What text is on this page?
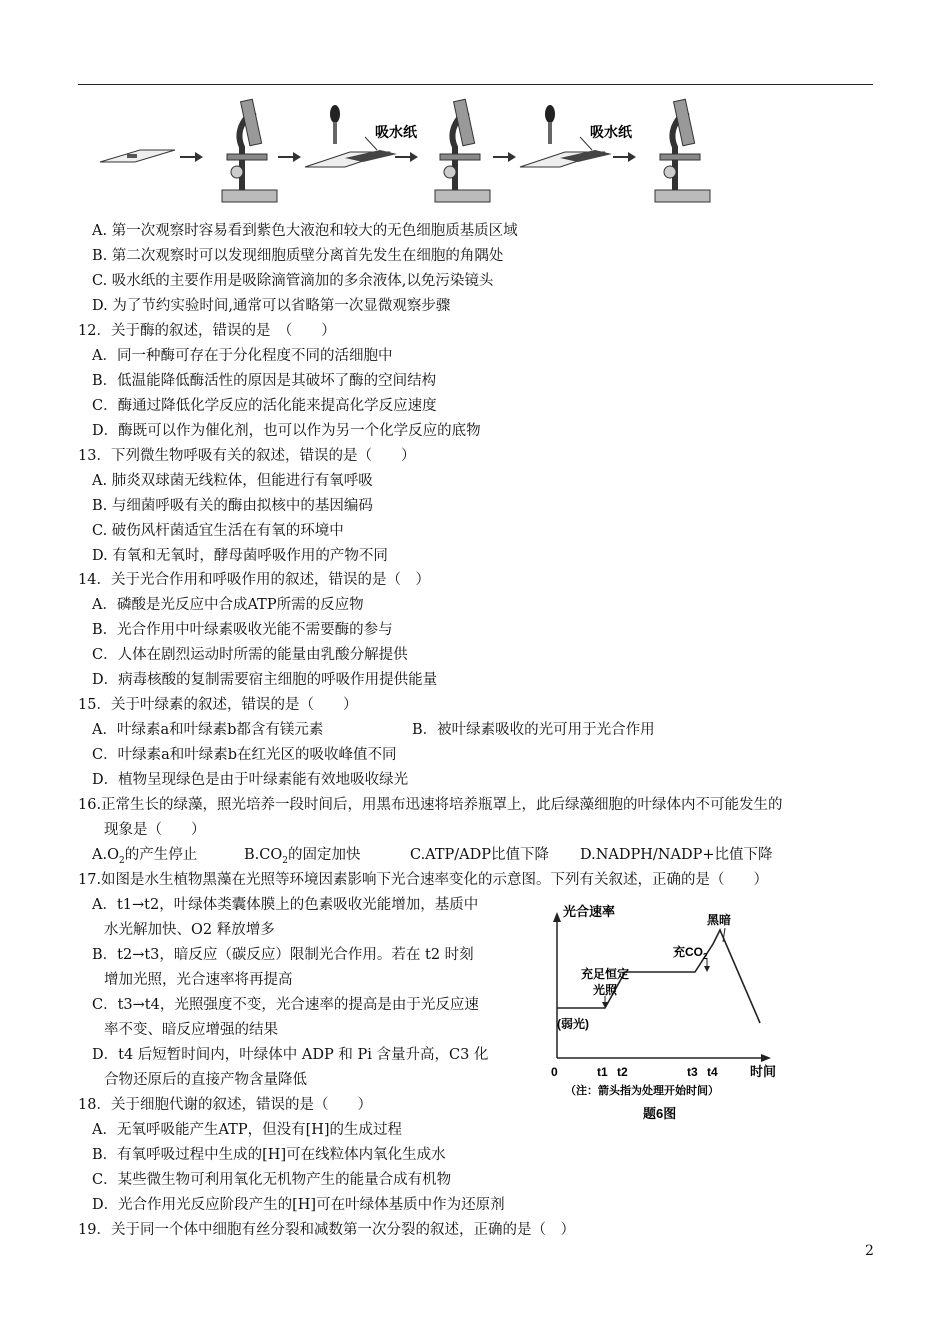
吸水纸	吸水纸
A. 第一次观察时容易看到紫色大液泡和较大的无色细胞质基质区域
B. 第二次观察时可以发现细胞质壁分离首先发生在细胞的角隅处
C. 吸水纸的主要作用是吸除滴管滴加的多余液体,以免污染镜头
D. 为了节约实验时间,通常可以省略第一次显微观察步骤
12．关于酶的叙述，错误的是　（　　）
A．同一种酶可存在于分化程度不同的活细胞中
B．低温能降低酶活性的原因是其破坏了酶的空间结构
C．酶通过降低化学反应的活化能来提高化学反应速度
D．酶既可以作为催化剂，也可以作为另一个化学反应的底物
13．下列微生物呼吸有关的叙述，错误的是（　　）
A. 肺炎双球菌无线粒体，但能进行有氧呼吸
B. 与细菌呼吸有关的酶由拟核中的基因编码
C. 破伤风杆菌适宜生活在有氧的环境中
D. 有氧和无氧时，酵母菌呼吸作用的产物不同
14．关于光合作用和呼吸作用的叙述，错误的是（　）
A．磷酸是光反应中合成ATP所需的反应物
B．光合作用中叶绿素吸收光能不需要酶的参与
C．人体在剧烈运动时所需的能量由乳酸分解提供
D．病毒核酸的复制需要宿主细胞的呼吸作用提供能量
15．关于叶绿素的叙述，错误的是（　　）
A．叶绿素a和叶绿素b都含有镁元素	B．被叶绿素吸收的光可用于光合作用
C．叶绿素a和叶绿素b在红光区的吸收峰值不同
D．植物呈现绿色是由于叶绿素能有效地吸收绿光
16.正常生长的绿藻，照光培养一段时间后，用黑布迅速将培养瓶罩上，此后绿藻细胞的叶绿体内不可能发生的
现象是（　　）
$A.O_2$的产生停止	$B.CO_2$的固定加快	C.ATP/ADP比值下降 D.NADPH/NADP+比值下降
17.如图是水生植物黑藻在光照等环境因素影响下光合速率变化的示意图。下列有关叙述，正确的是（　　）
A．t1→t2，叶绿体类囊体膜上的色素吸收光能增加，基质中
水光解加快、O2 释放增多
B．t2→t3，暗反应（碳反应）限制光合作用。若在 t2 时刻
增加光照，光合速率将再提高
C．t3→t4，光照强度不变，光合速率的提高是由于光反应速
率不变、暗反应增强的结果
D．t4 后短暂时间内，叶绿体中 ADP 和 Pi 含量升高，C3 化
合物还原后的直接产物含量降低
光合速率
时间
0	t1 t2	t3 t4
(弱光)
充足恒定
光照
充$CO_2$
黑暗
（注：箭头指为处理开始时间）
题6图
18．关于细胞代谢的叙述，错误的是（　　）
A．无氧呼吸能产生ATP，但没有[H]的生成过程
B．有氧呼吸过程中生成的[H]可在线粒体内氧化生成水
C．某些微生物可利用氧化无机物产生的能量合成有机物
D．光合作用光反应阶段产生的[H]可在叶绿体基质中作为还原剂
19．关于同一个体中细胞有丝分裂和减数第一次分裂的叙述，正确的是（　）
2
